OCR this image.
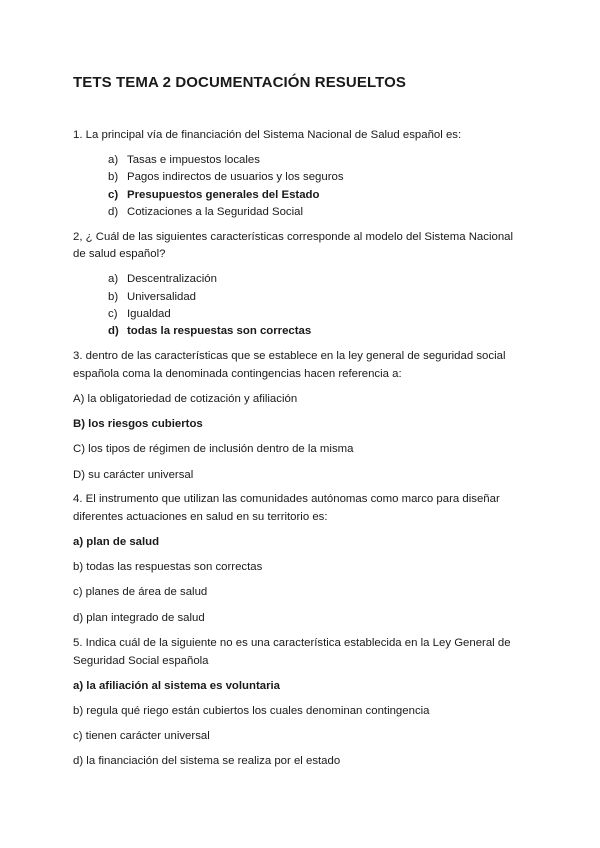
TETS TEMA 2 DOCUMENTACIÓN RESUELTOS
1. La principal vía de financiación del Sistema Nacional de Salud español es:
a) Tasas e impuestos locales
b) Pagos indirectos de usuarios y los seguros
c) Presupuestos generales del Estado
d) Cotizaciones a la Seguridad Social
2, ¿ Cuál de las siguientes características corresponde al modelo del Sistema Nacional
de salud español?
a) Descentralización
b) Universalidad
c) Igualdad
d) todas la respuestas son correctas
3. dentro de las características que se establece en la ley general de seguridad social
española coma la denominada contingencias hacen referencia a:
A) la obligatoriedad de cotización y afiliación
B) los riesgos cubiertos
C) los tipos de régimen de inclusión dentro de la misma
D) su carácter universal
4. El instrumento que utilizan las comunidades autónomas como marco para diseñar
diferentes actuaciones en salud en su territorio es:
a) plan de salud
b) todas las respuestas son correctas
c) planes de área de salud
d) plan integrado de salud
5. Indica cuál de la siguiente no es una característica establecida en la Ley General de
Seguridad Social española
a) la afiliación al sistema es voluntaria
b) regula qué riego están cubiertos los cuales denominan contingencia
c) tienen carácter universal
d) la financiación del sistema se realiza por el estado
